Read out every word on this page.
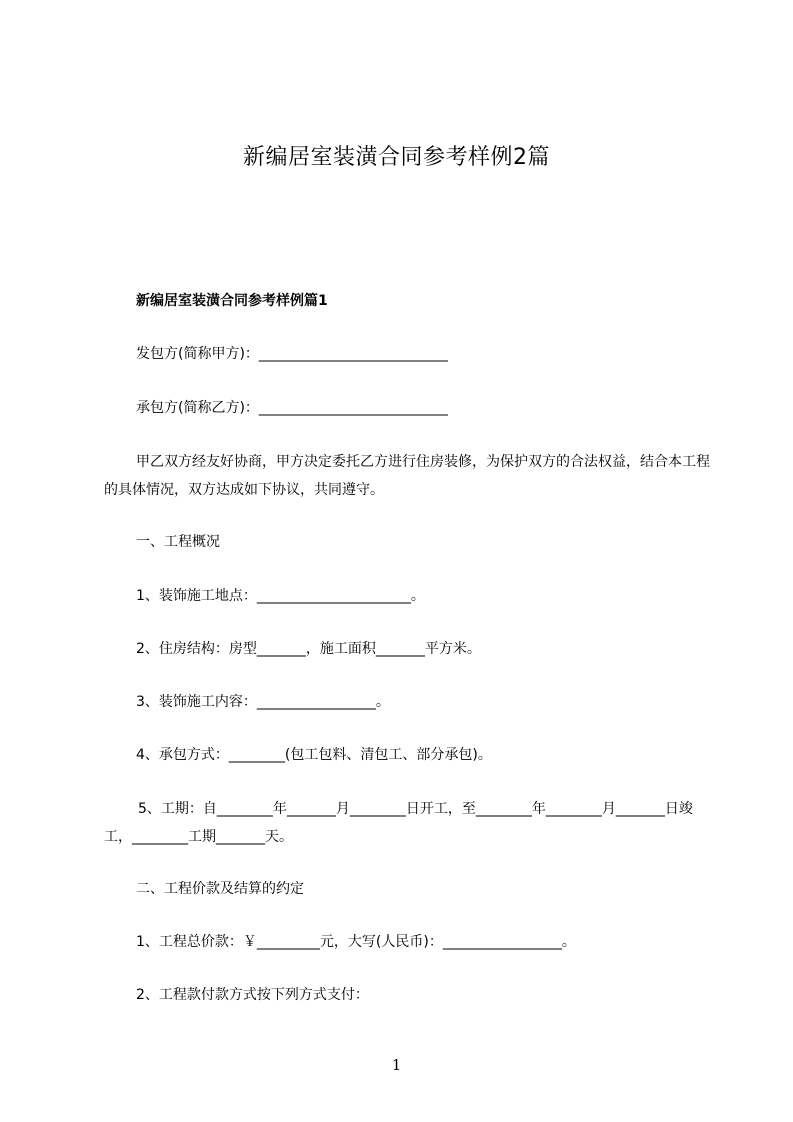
新编居室装潢合同参考样例2篇
新编居室装潢合同参考样例篇1
发包方(简称甲方)：___________________________
承包方(简称乙方)：___________________________
甲乙双方经友好协商，甲方决定委托乙方进行住房装修，为保护双方的合法权益，结合本工程的具体情况，双方达成如下协议，共同遵守。
一、工程概况
1、装饰施工地点：______________________。
2、住房结构：房型_______，施工面积_______平方米。
3、装饰施工内容：_________________。
4、承包方式：________(包工包料、清包工、部分承包)。
5、工期：自________年_______月________日开工，至________年________月_______日竣工，________工期_______天。
二、工程价款及结算的约定
1、工程总价款：￥_________元，大写(人民币)：_________________。
2、工程款付款方式按下列方式支付：
1
